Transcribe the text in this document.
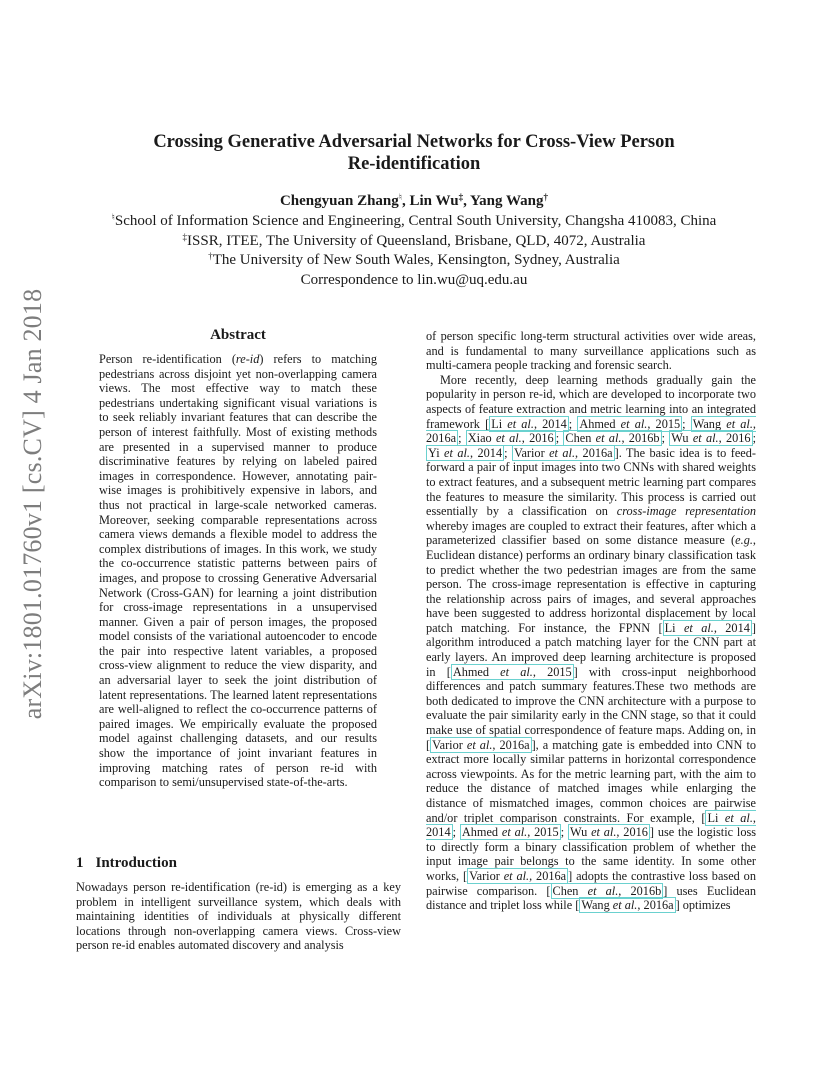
arXiv:1801.01760v1 [cs.CV] 4 Jan 2018
Crossing Generative Adversarial Networks for Cross-View Person
Re-identification
Chengyuan Zhang♮, Lin Wu‡, Yang Wang†
♮School of Information Science and Engineering, Central South University, Changsha 410083, China
‡ISSR, ITEE, The University of Queensland, Brisbane, QLD, 4072, Australia
†The University of New South Wales, Kensington, Sydney, Australia
Correspondence to lin.wu@uq.edu.au
Abstract
Person re-identification (re-id) refers to matching pedestrians across disjoint yet non-overlapping camera views. The most effective way to match these pedestrians undertaking significant visual variations is to seek reliably invariant features that can describe the person of interest faithfully. Most of existing methods are presented in a supervised manner to produce discriminative features by relying on labeled paired images in correspondence. However, annotating pair-wise images is prohibitively expensive in labors, and thus not practical in large-scale networked cameras. Moreover, seeking comparable representations across camera views demands a flexible model to address the complex distributions of images. In this work, we study the co-occurrence statistic patterns between pairs of images, and propose to crossing Generative Adversarial Network (Cross-GAN) for learning a joint distribution for cross-image representations in a unsupervised manner. Given a pair of person images, the proposed model consists of the variational autoencoder to encode the pair into respective latent variables, a proposed cross-view alignment to reduce the view disparity, and an adversarial layer to seek the joint distribution of latent representations. The learned latent representations are well-aligned to reflect the co-occurrence patterns of paired images. We empirically evaluate the proposed model against challenging datasets, and our results show the importance of joint invariant features in improving matching rates of person re-id with comparison to semi/unsupervised state-of-the-arts.
1 Introduction
Nowadays person re-identification (re-id) is emerging as a key problem in intelligent surveillance system, which deals with maintaining identities of individuals at physically different locations through non-overlapping camera views. Cross-view person re-id enables automated discovery and analysis

of person specific long-term structural activities over wide areas, and is fundamental to many surveillance applications such as multi-camera people tracking and forensic search.

More recently, deep learning methods gradually gain the popularity in person re-id, which are developed to incorporate two aspects of feature extraction and metric learning into an integrated framework [ Li et al., 2014 ; Ahmed et al., 2015 ; Wang et al., 2016a ; Xiao et al., 2016 ; Chen et al., 2016b ; Wu et al., 2016 ; Yi et al., 2014 ; Varior et al., 2016a ]. The basic idea is to feed-forward a pair of input images into two CNNs with shared weights to extract features, and a subsequent metric learning part compares the features to measure the similarity. This process is carried out essentially by a classification on cross-image representation whereby images are coupled to extract their features, after which a parameterized classifier based on some distance measure (e.g., Euclidean distance) performs an ordinary binary classification task to predict whether the two pedestrian images are from the same person. The cross-image representation is effective in capturing the relationship across pairs of images, and several approaches have been suggested to address horizontal displacement by local patch matching. For instance, the FPNN [ Li et al., 2014 ] algorithm introduced a patch matching layer for the CNN part at early layers. An improved deep learning architecture is proposed in [ Ahmed et al., 2015 ] with cross-input neighborhood differences and patch summary features.These two methods are both dedicated to improve the CNN architecture with a purpose to evaluate the pair similarity early in the CNN stage, so that it could make use of spatial correspondence of feature maps. Adding on, in [ Varior et al., 2016a ], a matching gate is embedded into CNN to extract more locally similar patterns in horizontal correspondence across viewpoints. As for the metric learning part, with the aim to reduce the distance of matched images while enlarging the distance of mismatched images, common choices are pairwise and/or triplet comparison constraints. For example, [ Li et al., 2014 ; Ahmed et al., 2015 ; Wu et al., 2016 ] use the logistic loss to directly form a binary classification problem of whether the input image pair belongs to the same identity. In some other works, [ Varior et al., 2016a ] adopts the contrastive loss based on pairwise comparison. [ Chen et al., 2016b ] uses Euclidean distance and triplet loss while [ Wang et al., 2016a ] optimizes
